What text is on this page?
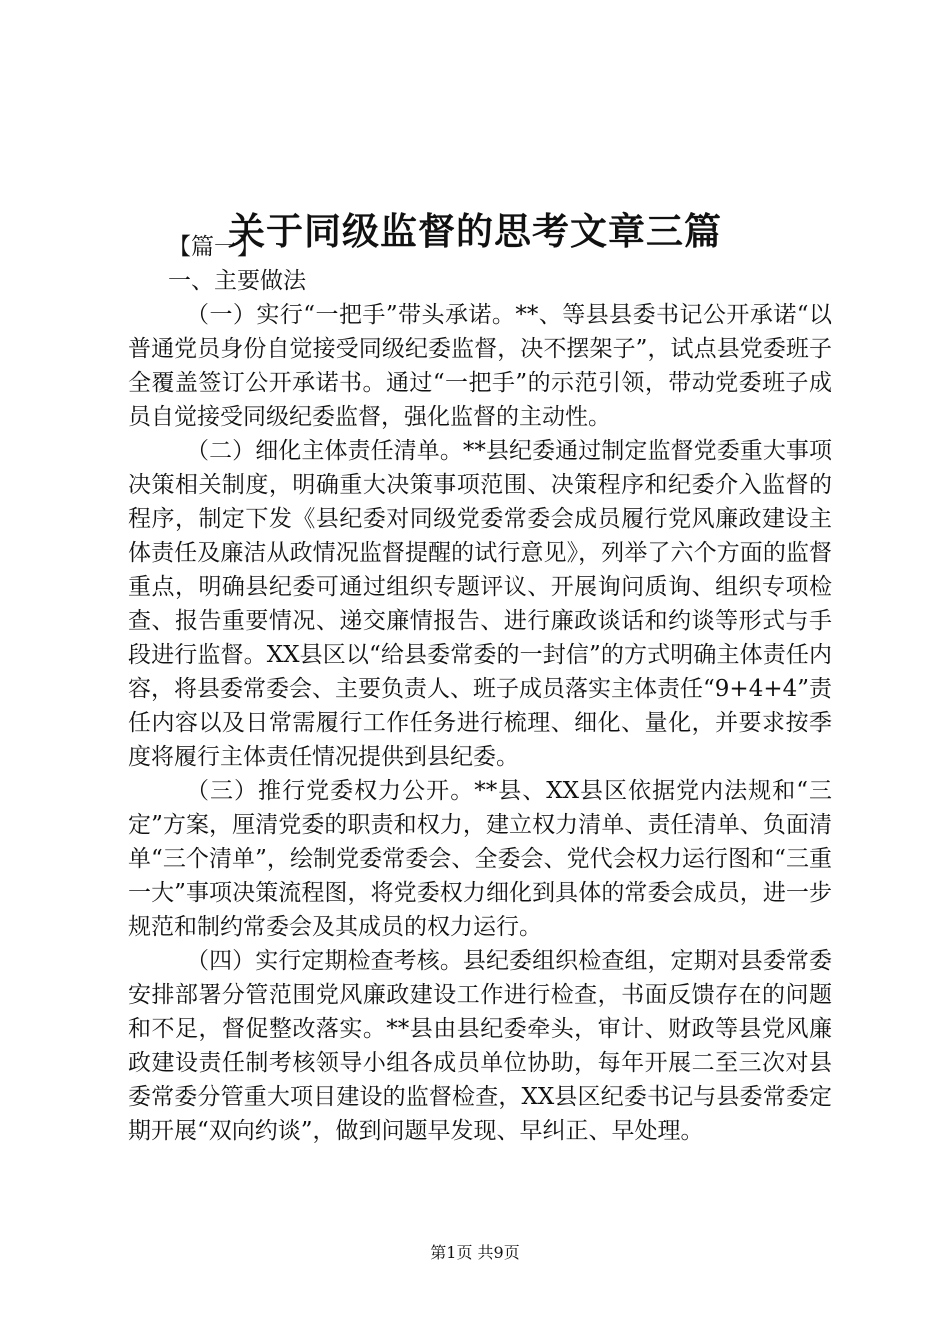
关于同级监督的思考文章三篇

【篇一】

一、主要做法

（一）实行“一把手”带头承诺。**、等县县委书记公开承诺“以普通党员身份自觉接受同级纪委监督，决不摆架子”，试点县党委班子全覆盖签订公开承诺书。通过“一把手”的示范引领，带动党委班子成员自觉接受同级纪委监督，强化监督的主动性。

（二）细化主体责任清单。**县纪委通过制定监督党委重大事项决策相关制度，明确重大决策事项范围、决策程序和纪委介入监督的程序，制定下发《县纪委对同级党委常委会成员履行党风廉政建设主体责任及廉洁从政情况监督提醒的试行意见》，列举了六个方面的监督重点，明确县纪委可通过组织专题评议、开展询问质询、组织专项检查、报告重要情况、递交廉情报告、进行廉政谈话和约谈等形式与手段进行监督。XX县区以“给县委常委的一封信”的方式明确主体责任内容，将县委常委会、主要负责人、班子成员落实主体责任“9+4+4”责任内容以及日常需履行工作任务进行梳理、细化、量化，并要求按季度将履行主体责任情况提供到县纪委。

（三）推行党委权力公开。**县、XX县区依据党内法规和“三定”方案，厘清党委的职责和权力，建立权力清单、责任清单、负面清单“三个清单”，绘制党委常委会、全委会、党代会权力运行图和“三重一大”事项决策流程图，将党委权力细化到具体的常委会成员，进一步规范和制约常委会及其成员的权力运行。

（四）实行定期检查考核。县纪委组织检查组，定期对县委常委安排部署分管范围党风廉政建设工作进行检查，书面反馈存在的问题和不足，督促整改落实。**县由县纪委牵头，审计、财政等县党风廉政建设责任制考核领导小组各成员单位协助，每年开展二至三次对县委常委分管重大项目建设的监督检查，XX县区纪委书记与县委常委定期开展“双向约谈”，做到问题早发现、早纠正、早处理。

第1页 共9页
